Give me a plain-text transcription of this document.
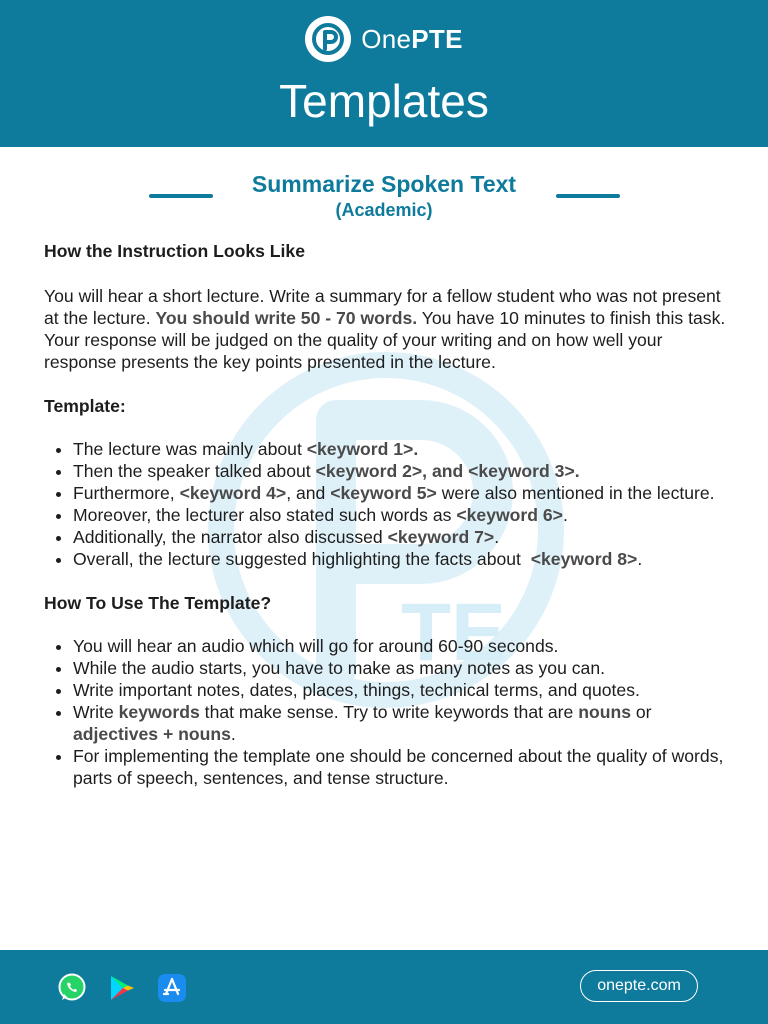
OnePTE
Templates
TE
Summarize Spoken Text
(Academic)
How the Instruction Looks Like

You will hear a short lecture. Write a summary for a fellow student who was not present at the lecture. You should write 50 - 70 words. You have 10 minutes to finish this task. Your response will be judged on the quality of your writing and on how well your response presents the key points presented in the lecture.

Template:
• The lecture was mainly about <keyword 1>.
• Then the speaker talked about <keyword 2>, and <keyword 3>.
• Furthermore, <keyword 4>, and <keyword 5> were also mentioned in the lecture.
• Moreover, the lecturer also stated such words as <keyword 6>.
• Additionally, the narrator also discussed <keyword 7>.
• Overall, the lecture suggested highlighting the facts about  <keyword 8>.
How To Use The Template?
• You will hear an audio which will go for around 60-90 seconds.
• While the audio starts, you have to make as many notes as you can.
• Write important notes, dates, places, things, technical terms, and quotes.
• Write keywords that make sense. Try to write keywords that are nouns or adjectives + nouns.
• For implementing the template one should be concerned about the quality of words, parts of speech, sentences, and tense structure.
onepte.com
